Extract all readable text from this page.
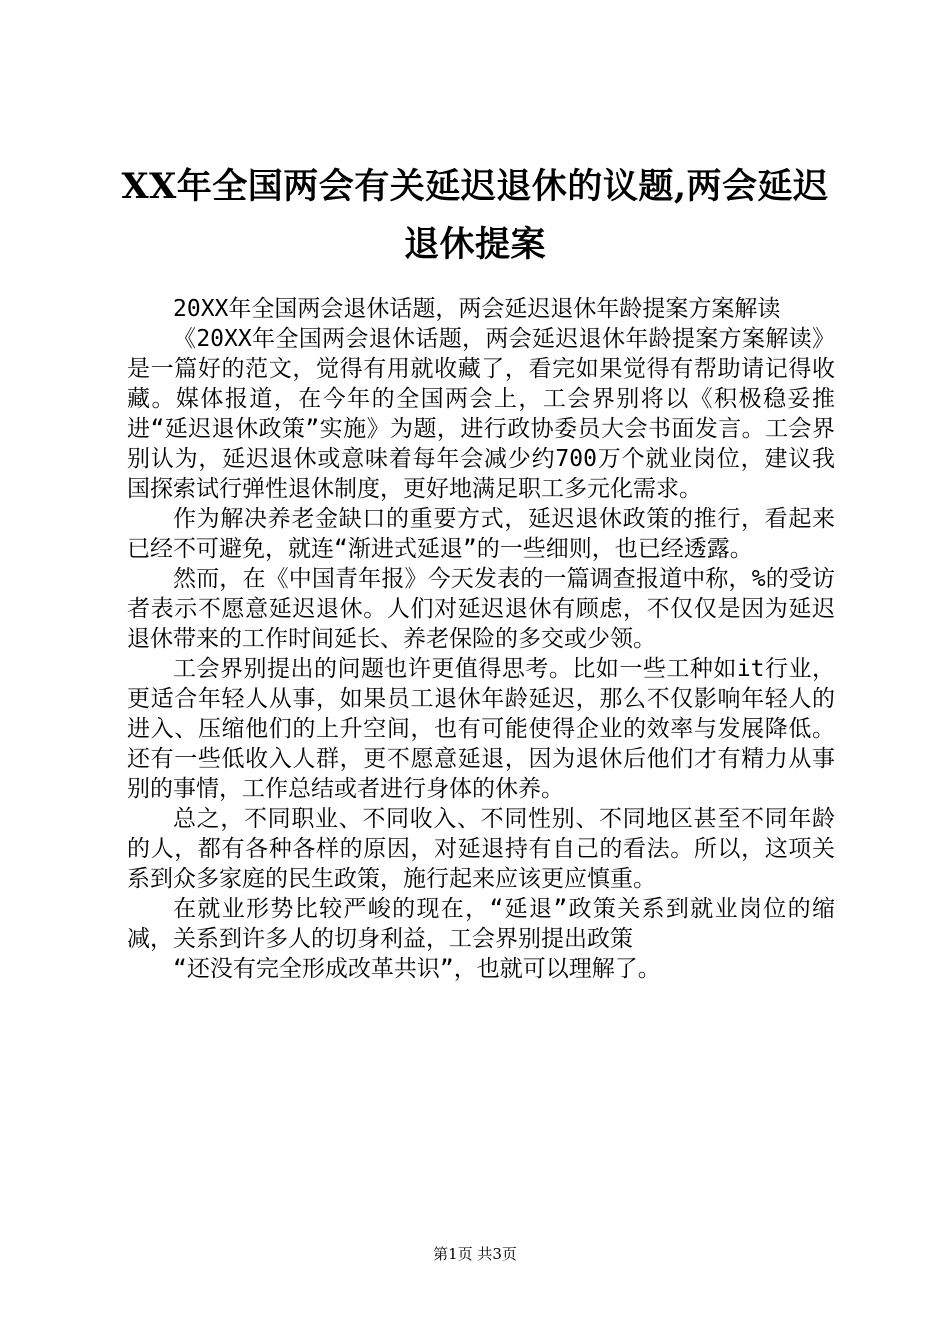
XX年全国两会有关延迟退休的议题,两会延迟退休提案

20XX年全国两会退休话题，两会延迟退休年龄提案方案解读

《20XX年全国两会退休话题，两会延迟退休年龄提案方案解读》是一篇好的范文，觉得有用就收藏了，看完如果觉得有帮助请记得收藏。媒体报道，在今年的全国两会上，工会界别将以《积极稳妥推进“延迟退休政策”实施》为题，进行政协委员大会书面发言。工会界别认为，延迟退休或意味着每年会减少约700万个就业岗位，建议我国探索试行弹性退休制度，更好地满足职工多元化需求。

作为解决养老金缺口的重要方式，延迟退休政策的推行，看起来已经不可避免，就连“渐进式延退”的一些细则，也已经透露。

然而，在《中国青年报》今天发表的一篇调查报道中称，%的受访者表示不愿意延迟退休。人们对延迟退休有顾虑，不仅仅是因为延迟退休带来的工作时间延长、养老保险的多交或少领。

工会界别提出的问题也许更值得思考。比如一些工种如it行业，更适合年轻人从事，如果员工退休年龄延迟，那么不仅影响年轻人的进入、压缩他们的上升空间，也有可能使得企业的效率与发展降低。还有一些低收入人群，更不愿意延退，因为退休后他们才有精力从事别的事情，工作总结或者进行身体的休养。

总之，不同职业、不同收入、不同性别、不同地区甚至不同年龄的人，都有各种各样的原因，对延退持有自己的看法。所以，这项关系到众多家庭的民生政策，施行起来应该更应慎重。

在就业形势比较严峻的现在，“延退”政策关系到就业岗位的缩减，关系到许多人的切身利益，工会界别提出政策

“还没有完全形成改革共识”，也就可以理解了。

第1页 共3页
